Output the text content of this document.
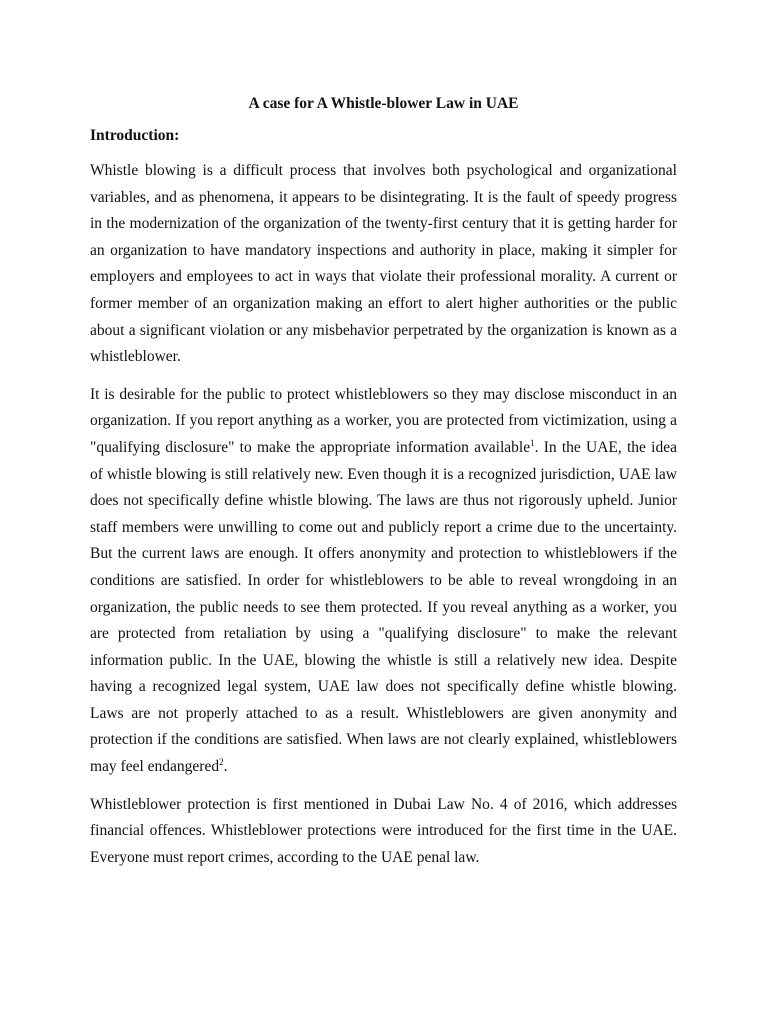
A case for A Whistle-blower Law in UAE
Introduction:

Whistle blowing is a difficult process that involves both psychological and organizational variables, and as phenomena, it appears to be disintegrating. It is the fault of speedy progress in the modernization of the organization of the twenty-first century that it is getting harder for an organization to have mandatory inspections and authority in place, making it simpler for employers and employees to act in ways that violate their professional morality. A current or former member of an organization making an effort to alert higher authorities or the public about a significant violation or any misbehavior perpetrated by the organization is known as a whistleblower.

It is desirable for the public to protect whistleblowers so they may disclose misconduct in an organization. If you report anything as a worker, you are protected from victimization, using a "qualifying disclosure" to make the appropriate information available$^1$. In the UAE, the idea of whistle blowing is still relatively new. Even though it is a recognized jurisdiction, UAE law does not specifically define whistle blowing. The laws are thus not rigorously upheld. Junior staff members were unwilling to come out and publicly report a crime due to the uncertainty. But the current laws are enough. It offers anonymity and protection to whistleblowers if the conditions are satisfied. In order for whistleblowers to be able to reveal wrongdoing in an organization, the public needs to see them protected. If you reveal anything as a worker, you are protected from retaliation by using a "qualifying disclosure" to make the relevant information public. In the UAE, blowing the whistle is still a relatively new idea. Despite having a recognized legal system, UAE law does not specifically define whistle blowing. Laws are not properly attached to as a result. Whistleblowers are given anonymity and protection if the conditions are satisfied. When laws are not clearly explained, whistleblowers may feel endangered$^2$.

Whistleblower protection is first mentioned in Dubai Law No. 4 of 2016, which addresses financial offences. Whistleblower protections were introduced for the first time in the UAE. Everyone must report crimes, according to the UAE penal law.
